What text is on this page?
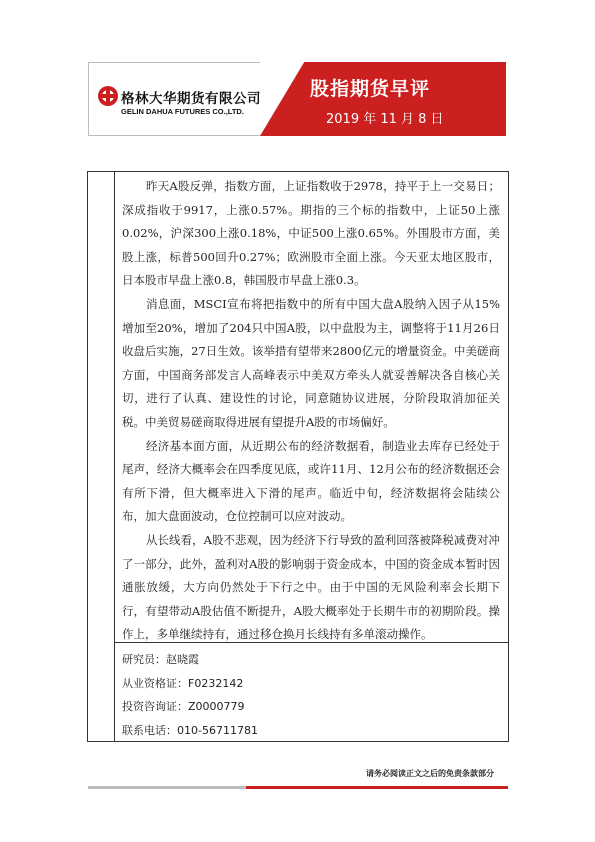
格林大华期货有限公司
GELIN DAHUA FUTURES CO.,LTD.
股指期货早评
2019 年 11 月 8 日

昨天A股反弹，指数方面，上证指数收于2978，持平于上一交易日；深成指收于9917，上涨0.57%。期指的三个标的指数中，上证50上涨0.02%，沪深300上涨0.18%，中证500上涨0.65%。外围股市方面，美股上涨，标普500回升0.27%；欧洲股市全面上涨。今天亚太地区股市，日本股市早盘上涨0.8，韩国股市早盘上涨0.3。

消息面，MSCI宣布将把指数中的所有中国大盘A股纳入因子从15%增加至20%，增加了204只中国A股，以中盘股为主，调整将于11月26日收盘后实施，27日生效。该举措有望带来2800亿元的增量资金。中美磋商方面，中国商务部发言人高峰表示中美双方牵头人就妥善解决各自核心关切，进行了认真、建设性的讨论，同意随协议进展，分阶段取消加征关税。中美贸易磋商取得进展有望提升A股的市场偏好。

经济基本面方面，从近期公布的经济数据看，制造业去库存已经处于尾声，经济大概率会在四季度见底，或许11月、12月公布的经济数据还会有所下滑，但大概率进入下滑的尾声。临近中旬，经济数据将会陆续公布，加大盘面波动，仓位控制可以应对波动。

从长线看，A股不悲观，因为经济下行导致的盈利回落被降税减费对冲了一部分，此外，盈利对A股的影响弱于资金成本，中国的资金成本暂时因通胀放缓，大方向仍然处于下行之中。由于中国的无风险利率会长期下行，有望带动A股估值不断提升，A股大概率处于长期牛市的初期阶段。操作上，多单继续持有，通过移仓换月长线持有多单滚动操作。

研究员：赵晓霞
从业资格证：F0232142
投资咨询证：Z0000779
联系电话：010-56711781
请务必阅读正文之后的免责条款部分
